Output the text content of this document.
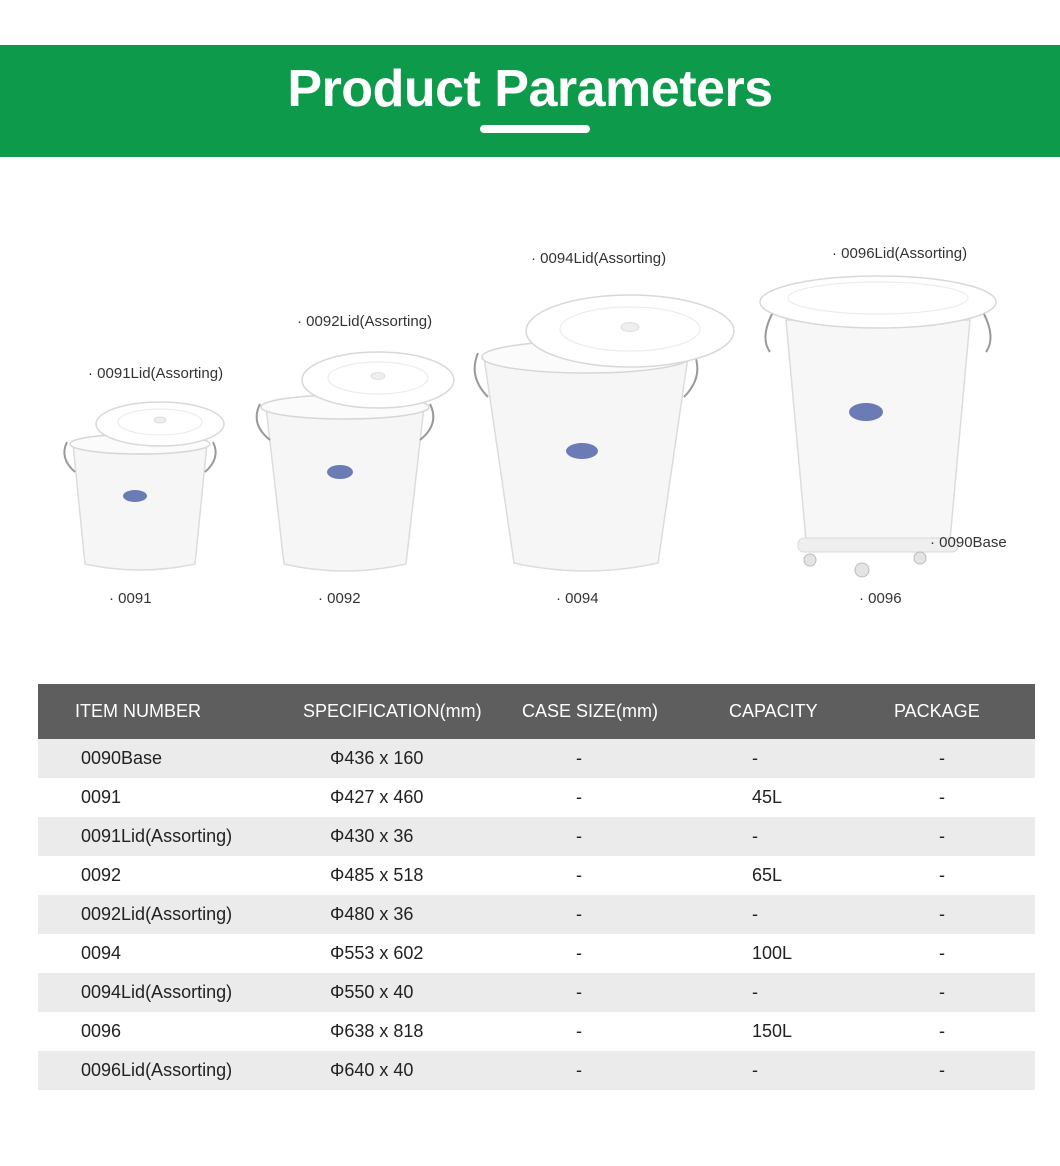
Product Parameters
· 0091Lid(Assorting)
· 0092Lid(Assorting)
· 0094Lid(Assorting)	· 0096Lid(Assorting)
· 0090Base
· 0091	· 0092	· 0094	· 0096
ITEM NUMBER	SPECIFICATION(mm)	CASE SIZE(mm)	CAPACITY	PACKAGE
0090Base	Φ436 x 160	-	-	-
0091	Φ427 x 460	-	45L	-
0091Lid(Assorting)	Φ430 x 36	-	-	-
0092	Φ485 x 518	-	65L	-
0092Lid(Assorting)	Φ480 x 36	-	-	-
0094	Φ553 x 602	-	100L	-
0094Lid(Assorting)	Φ550 x 40	-	-	-
0096	Φ638 x 818	-	150L	-
0096Lid(Assorting)	Φ640 x 40	-	-	-
